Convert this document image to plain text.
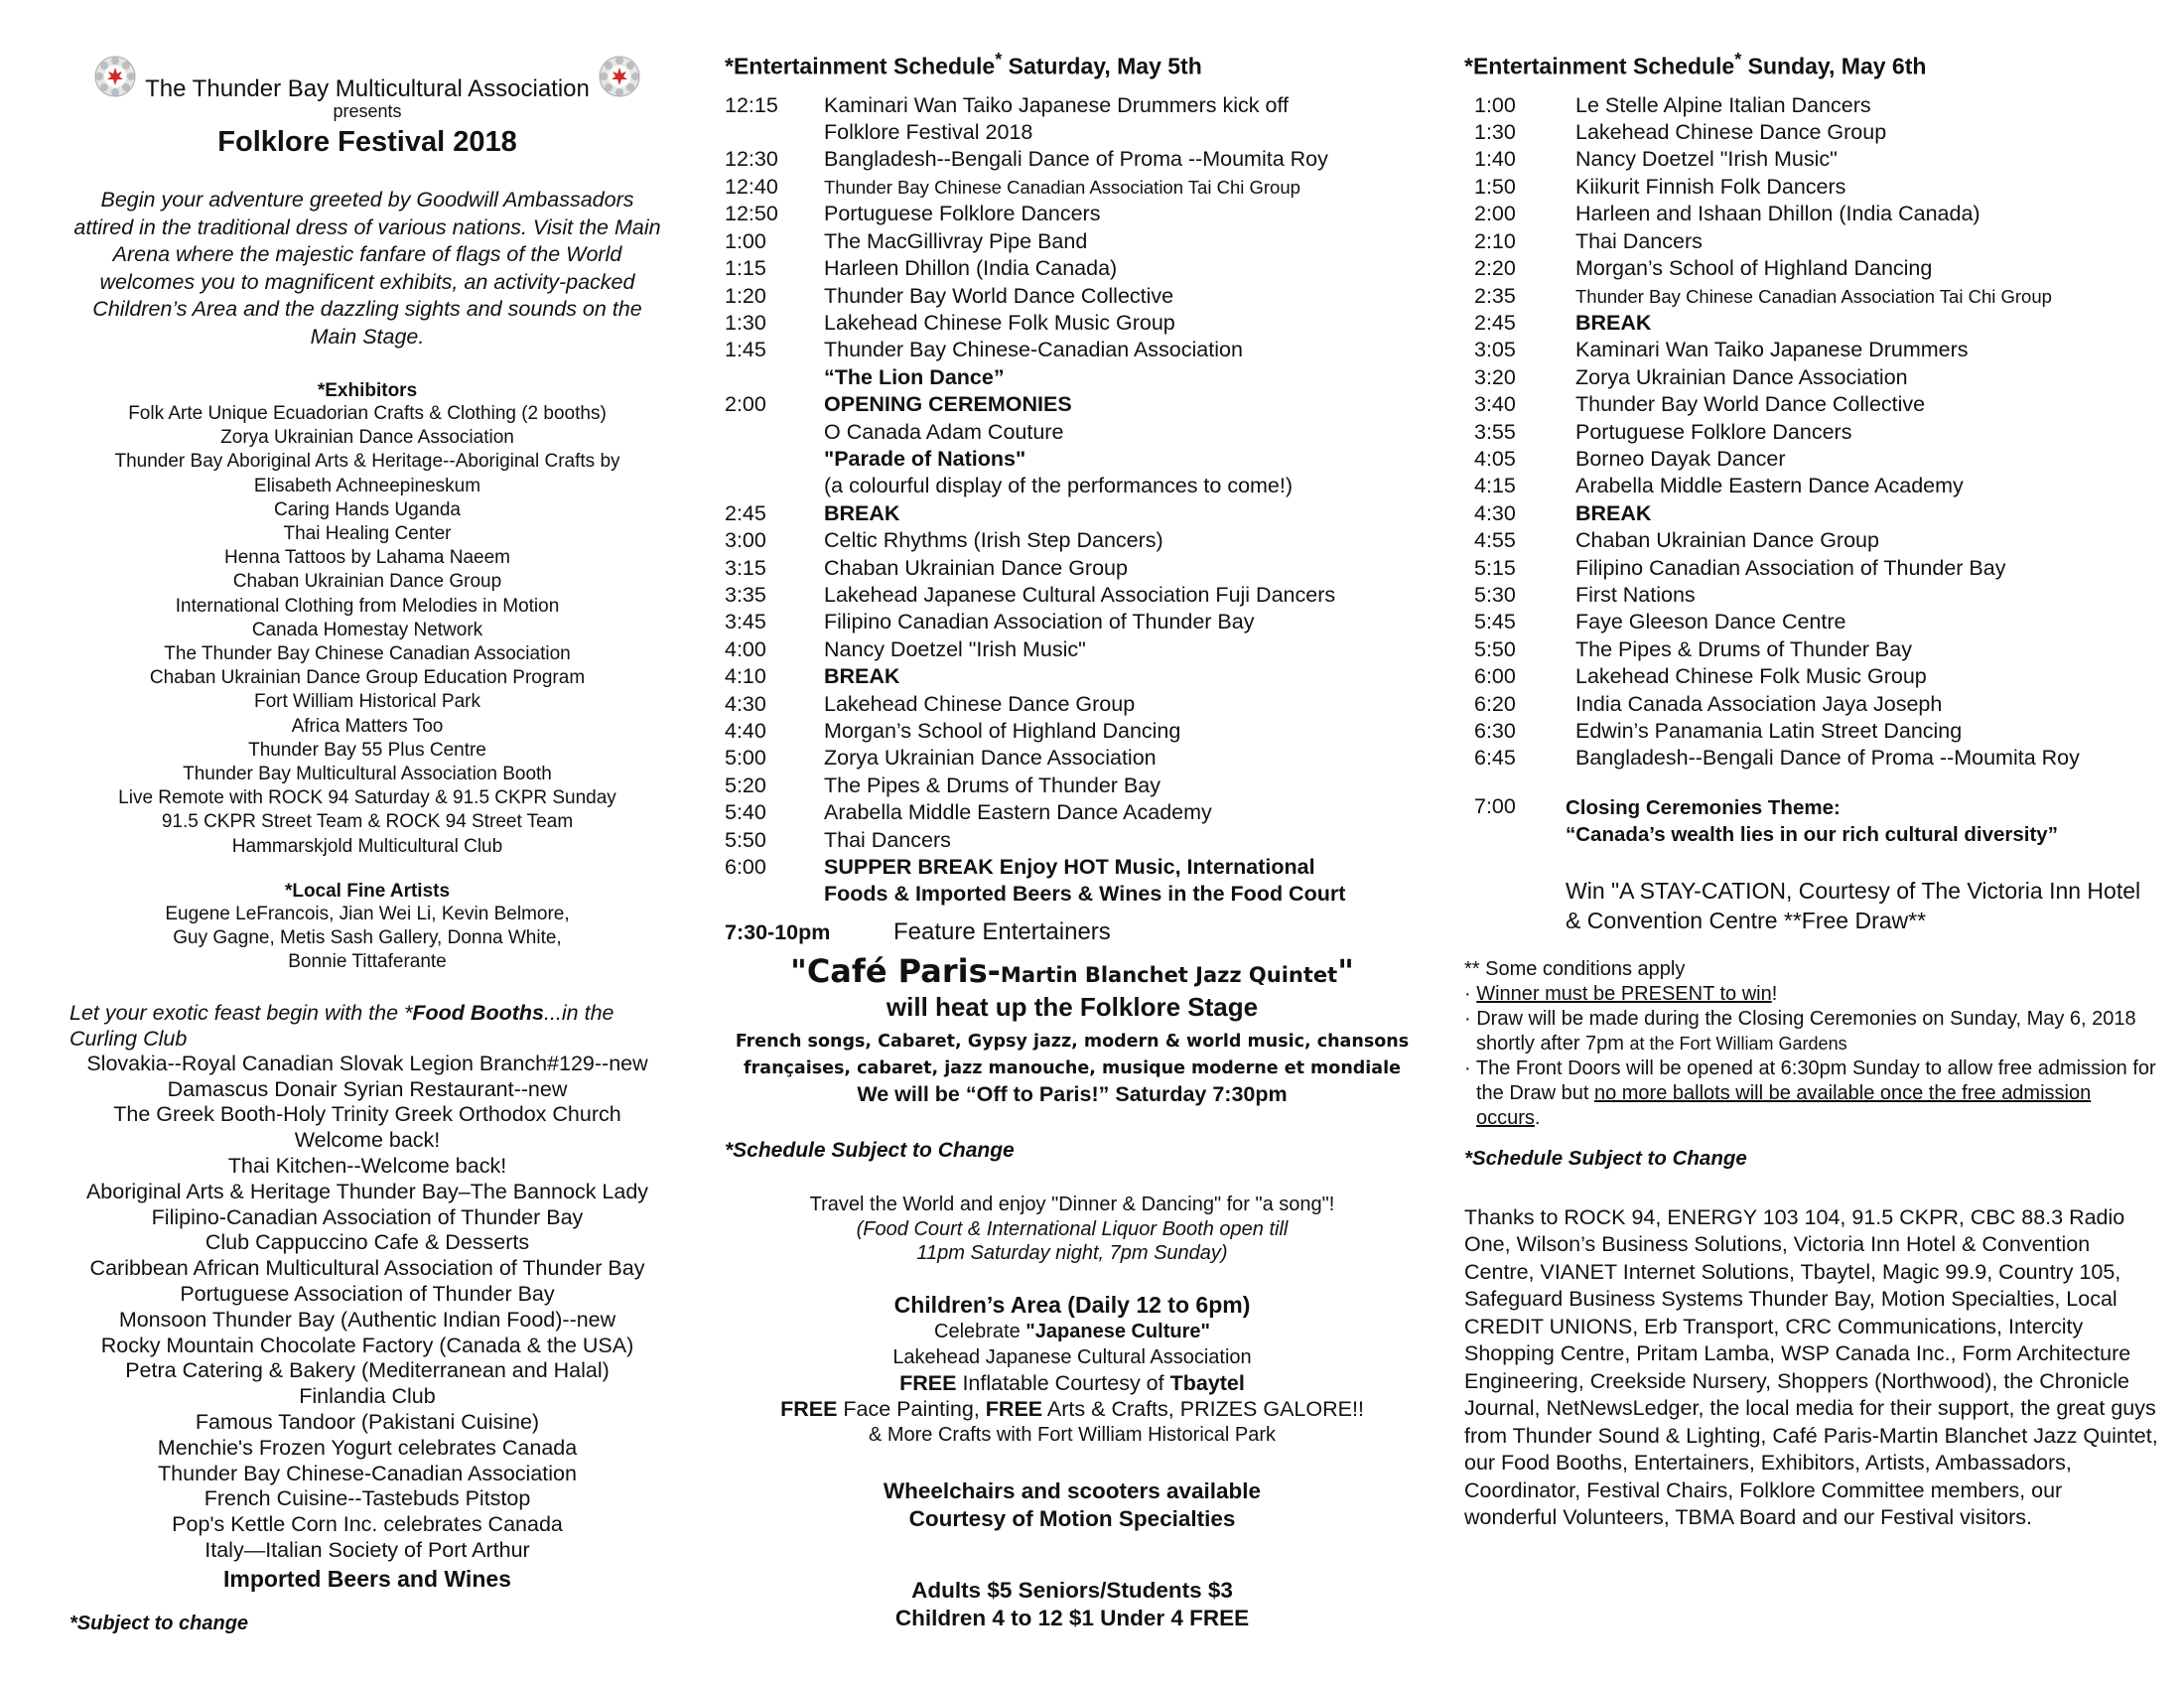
The Thunder Bay Multicultural Association
presents
Folklore Festival 2018
Begin your adventure greeted by Goodwill Ambassadors attired in the traditional dress of various nations. Visit the Main Arena where the majestic fanfare of flags of the World welcomes you to magnificent exhibits, an activity-packed Children’s Area and the dazzling sights and sounds on the Main Stage.
*Exhibitors
Folk Arte Unique Ecuadorian Crafts & Clothing (2 booths)
Zorya Ukrainian Dance Association
Thunder Bay Aboriginal Arts & Heritage--Aboriginal Crafts by
Elisabeth Achneepineskum
Caring Hands Uganda
Thai Healing Center
Henna Tattoos by Lahama Naeem
Chaban Ukrainian Dance Group
International Clothing from Melodies in Motion
Canada Homestay Network
The Thunder Bay Chinese Canadian Association
Chaban Ukrainian Dance Group Education Program
Fort William Historical Park
Africa Matters Too
Thunder Bay 55 Plus Centre
Thunder Bay Multicultural Association Booth
Live Remote with ROCK 94 Saturday & 91.5 CKPR Sunday
91.5 CKPR Street Team & ROCK 94 Street Team
Hammarskjold Multicultural Club
*Local Fine Artists
Eugene LeFrancois, Jian Wei Li, Kevin Belmore,
Guy Gagne, Metis Sash Gallery, Donna White,
Bonnie Tittaferante
Let your exotic feast begin with the *Food Booths...in the Curling Club
Slovakia--Royal Canadian Slovak Legion Branch#129--new
Damascus Donair Syrian Restaurant--new
The Greek Booth-Holy Trinity Greek Orthodox Church
Welcome back!
Thai Kitchen--Welcome back!
Aboriginal Arts & Heritage Thunder Bay–The Bannock Lady
Filipino-Canadian Association of Thunder Bay
Club Cappuccino Cafe & Desserts
Caribbean African Multicultural Association of Thunder Bay
Portuguese Association of Thunder Bay
Monsoon Thunder Bay (Authentic Indian Food)--new
Rocky Mountain Chocolate Factory (Canada & the USA)
Petra Catering & Bakery (Mediterranean and Halal)
Finlandia Club
Famous Tandoor (Pakistani Cuisine)
Menchie's Frozen Yogurt celebrates Canada
Thunder Bay Chinese-Canadian Association
French Cuisine--Tastebuds Pitstop
Pop's Kettle Corn Inc. celebrates Canada
Italy—Italian Society of Port Arthur
Imported Beers and Wines
*Subject to change
*Entertainment Schedule* Saturday, May 5th
12:15	Kaminari Wan Taiko Japanese Drummers kick off
	Folklore Festival 2018
12:30	Bangladesh--Bengali Dance of Proma --Moumita Roy
12:40	Thunder Bay Chinese Canadian Association Tai Chi Group
12:50	Portuguese Folklore Dancers
1:00	The MacGillivray Pipe Band
1:15	Harleen Dhillon (India Canada)
1:20	Thunder Bay World Dance Collective
1:30	Lakehead Chinese Folk Music Group
1:45	Thunder Bay Chinese-Canadian Association
	“The Lion Dance”
2:00	OPENING CEREMONIES
	O Canada Adam Couture
	"Parade of Nations"
	(a colourful display of the performances to come!)
2:45	BREAK
3:00	Celtic Rhythms (Irish Step Dancers)
3:15	Chaban Ukrainian Dance Group
3:35	Lakehead Japanese Cultural Association Fuji Dancers
3:45	Filipino Canadian Association of Thunder Bay
4:00	Nancy Doetzel "Irish Music"
4:10	BREAK
4:30	Lakehead Chinese Dance Group
4:40	Morgan’s School of Highland Dancing
5:00	Zorya Ukrainian Dance Association
5:20	The Pipes & Drums of Thunder Bay
5:40	Arabella Middle Eastern Dance Academy
5:50	Thai Dancers
6:00	SUPPER BREAK Enjoy HOT Music, International
	Foods & Imported Beers & Wines in the Food Court
7:30-10pm	Feature Entertainers
"Café Paris-Martin Blanchet Jazz Quintet"
will heat up the Folklore Stage
French songs, Cabaret, Gypsy jazz, modern & world music, chansons
françaises, cabaret, jazz manouche, musique moderne et mondiale
We will be “Off to Paris!” Saturday 7:30pm
*Schedule Subject to Change
Travel the World and enjoy "Dinner & Dancing" for "a song"!
(Food Court & International Liquor Booth open till
11pm Saturday night, 7pm Sunday)
Children’s Area (Daily 12 to 6pm)
Celebrate "Japanese Culture"
Lakehead Japanese Cultural Association
FREE Inflatable Courtesy of Tbaytel
FREE Face Painting, FREE Arts & Crafts, PRIZES GALORE!!
& More Crafts with Fort William Historical Park
Wheelchairs and scooters available
Courtesy of Motion Specialties
Adults $5 Seniors/Students $3
Children 4 to 12 $1 Under 4 FREE
*Entertainment Schedule* Sunday, May 6th
1:00	Le Stelle Alpine Italian Dancers
1:30	Lakehead Chinese Dance Group
1:40	Nancy Doetzel "Irish Music"
1:50	Kiikurit Finnish Folk Dancers
2:00	Harleen and Ishaan Dhillon (India Canada)
2:10	Thai Dancers
2:20	Morgan’s School of Highland Dancing
2:35	Thunder Bay Chinese Canadian Association Tai Chi Group
2:45	BREAK
3:05	Kaminari Wan Taiko Japanese Drummers
3:20	Zorya Ukrainian Dance Association
3:40	Thunder Bay World Dance Collective
3:55	Portuguese Folklore Dancers
4:05	Borneo Dayak Dancer
4:15	Arabella Middle Eastern Dance Academy
4:30	BREAK
4:55	Chaban Ukrainian Dance Group
5:15	Filipino Canadian Association of Thunder Bay
5:30	First Nations
5:45	Faye Gleeson Dance Centre
5:50	The Pipes & Drums of Thunder Bay
6:00	Lakehead Chinese Folk Music Group
6:20	India Canada Association Jaya Joseph
6:30	Edwin’s Panamania Latin Street Dancing
6:45	Bangladesh--Bengali Dance of Proma --Moumita Roy
7:00	Closing Ceremonies Theme:
“Canada’s wealth lies in our rich cultural diversity”
Win "A STAY-CATION, Courtesy of The Victoria Inn Hotel & Convention Centre **Free Draw**
** Some conditions apply
· Winner must be PRESENT to win!
· Draw will be made during the Closing Ceremonies on Sunday, May 6, 2018 shortly after 7pm at the Fort William Gardens
· The Front Doors will be opened at 6:30pm Sunday to allow free admission for the Draw but no more ballots will be available once the free admission occurs.
*Schedule Subject to Change
Thanks to ROCK 94, ENERGY 103 104, 91.5 CKPR, CBC 88.3 Radio One, Wilson’s Business Solutions, Victoria Inn Hotel & Convention Centre, VIANET Internet Solutions, Tbaytel, Magic 99.9, Country 105, Safeguard Business Systems Thunder Bay, Motion Specialties, Local CREDIT UNIONS, Erb Transport, CRC Communications, Intercity Shopping Centre, Pritam Lamba, WSP Canada Inc., Form Architecture Engineering, Creekside Nursery, Shoppers (Northwood), the Chronicle Journal, NetNewsLedger, the local media for their support, the great guys from Thunder Sound & Lighting, Café Paris-Martin Blanchet Jazz Quintet, our Food Booths, Entertainers, Exhibitors, Artists, Ambassadors, Coordinator, Festival Chairs, Folklore Committee members, our wonderful Volunteers, TBMA Board and our Festival visitors.
